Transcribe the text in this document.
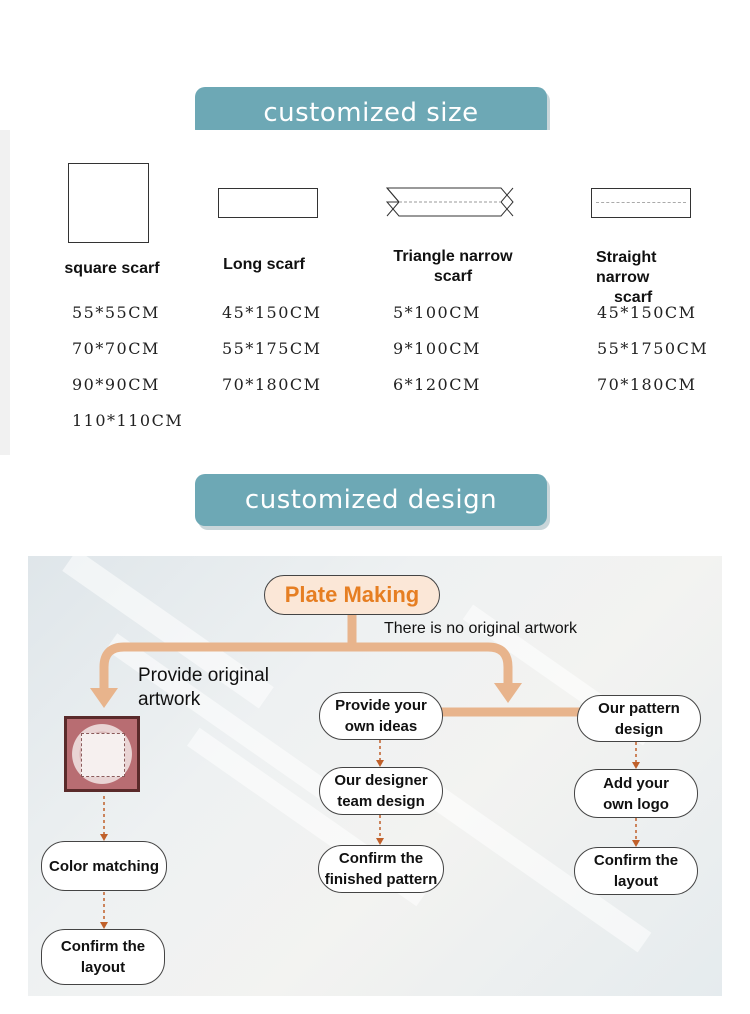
customized size
square scarf
55*55CM
70*70CM
90*90CM
110*110CM
Long scarf
45*150CM
55*175CM
70*180CM
Triangle narrow
scarf
5*100CM
9*100CM
6*120CM
Straight narrow
scarf
45*150CM
55*1750CM
70*180CM
customized design
Plate Making
There is no original artwork
Provide original
artwork
Color matching
Confirm the
layout
Provide your
own ideas
Our designer
team design
Confirm the
finished pattern
Our pattern
design
Add your
own logo
Confirm the
layout
